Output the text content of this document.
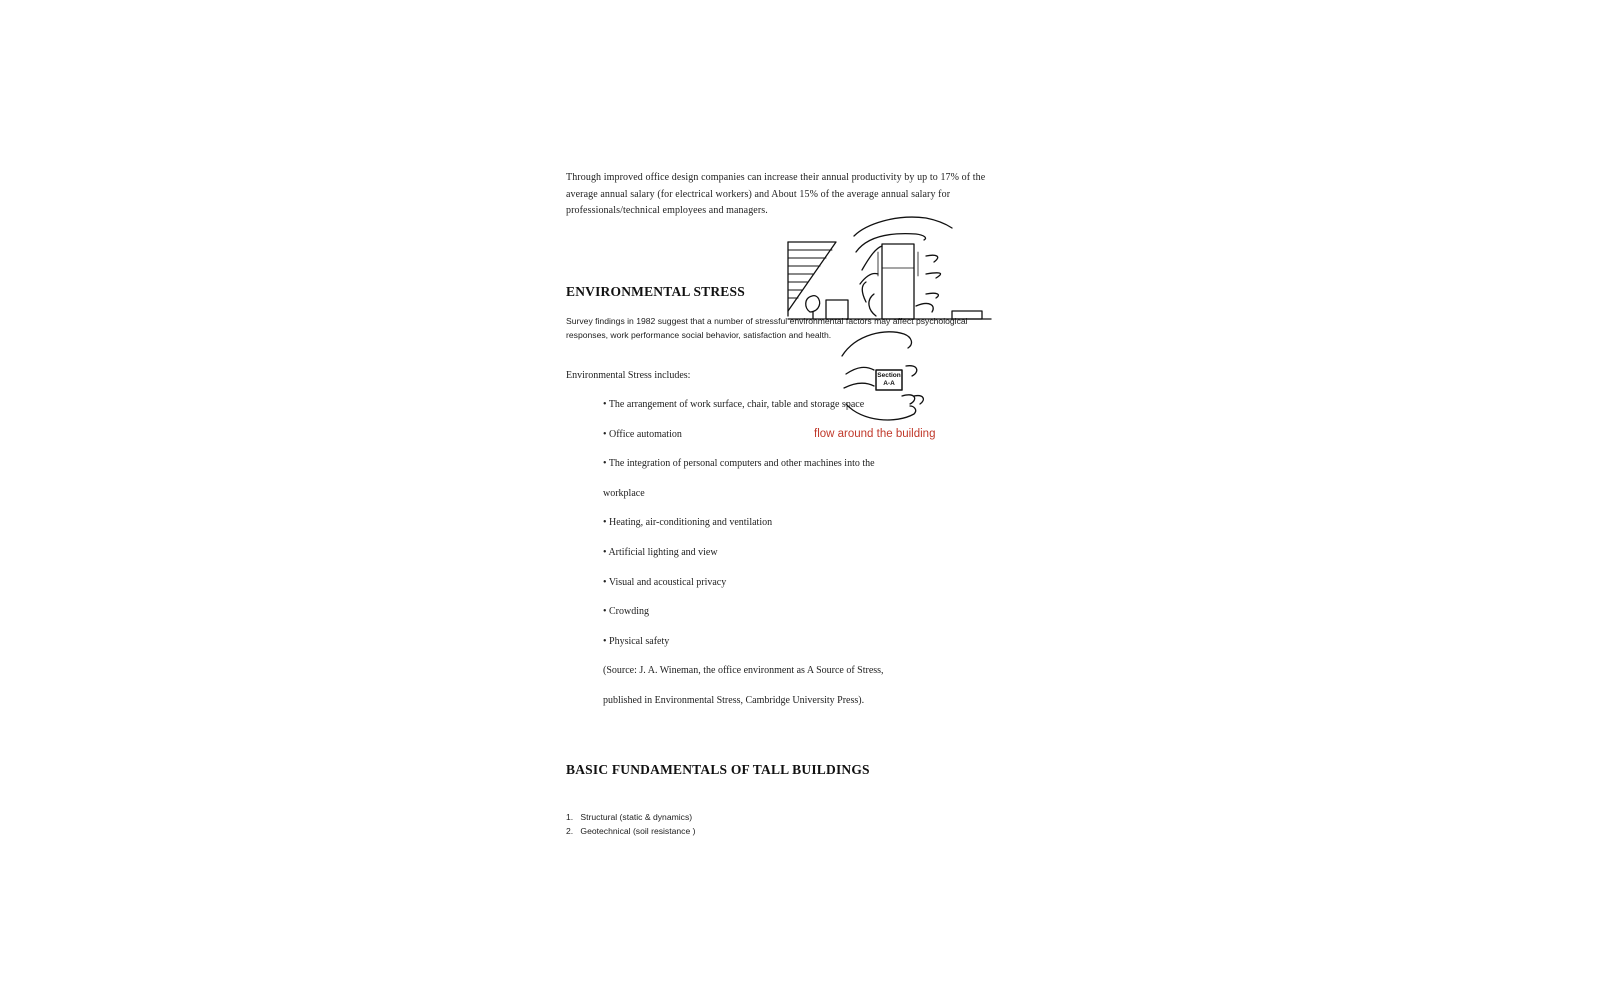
Through improved office design companies can increase their annual productivity by up to 17% of the
average annual salary (for electrical workers) and About 15% of the average annual salary for
professionals/technical employees and managers.
ENVIRONMENTAL STRESS
Survey findings in 1982 suggest that a number of stressful environmental factors may affect psychological
responses, work performance social behavior, satisfaction and health.
Environmental Stress includes:
• The arrangement of work surface, chair, table and storage space
• Office automation
• The integration of personal computers and other machines into the
workplace
• Heating, air-conditioning and ventilation
• Artificial lighting and view
• Visual and acoustical privacy
• Crowding
• Physical safety
(Source: J. A. Wineman, the office environment as A Source of Stress,
published in Environmental Stress, Cambridge University Press).
Section
A-A
flow around the building
BASIC FUNDAMENTALS OF TALL BUILDINGS
1. Structural (static & dynamics)
2. Geotechnical (soil resistance )
